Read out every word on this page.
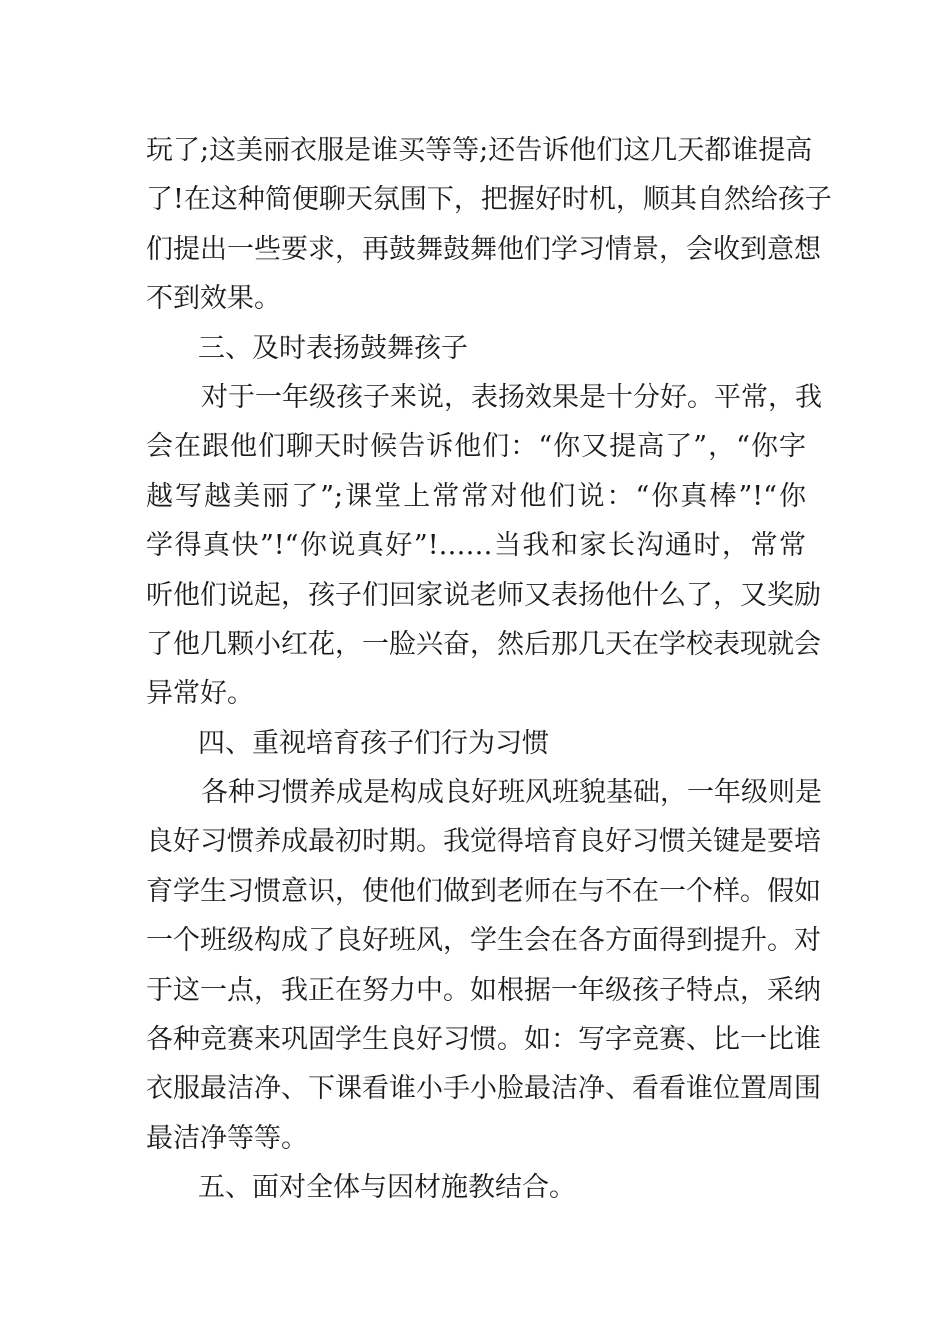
玩了;这美丽衣服是谁买等等;还告诉他们这几天都谁提高
了!在这种简便聊天氛围下，把握好时机，顺其自然给孩子
们提出一些要求，再鼓舞鼓舞他们学习情景，会收到意想
不到效果。
三、及时表扬鼓舞孩子
对于一年级孩子来说，表扬效果是十分好。平常，我
会在跟他们聊天时候告诉他们：“你又提高了”，“你字
越写越美丽了”;课堂上常常对他们说：“你真棒”!“你
学得真快”!“你说真好”!……当我和家长沟通时，常常
听他们说起，孩子们回家说老师又表扬他什么了，又奖励
了他几颗小红花，一脸兴奋，然后那几天在学校表现就会
异常好。
四、重视培育孩子们行为习惯
各种习惯养成是构成良好班风班貌基础，一年级则是
良好习惯养成最初时期。我觉得培育良好习惯关键是要培
育学生习惯意识，使他们做到老师在与不在一个样。假如
一个班级构成了良好班风，学生会在各方面得到提升。对
于这一点，我正在努力中。如根据一年级孩子特点，采纳
各种竞赛来巩固学生良好习惯。如：写字竞赛、比一比谁
衣服最洁净、下课看谁小手小脸最洁净、看看谁位置周围
最洁净等等。
五、面对全体与因材施教结合。
